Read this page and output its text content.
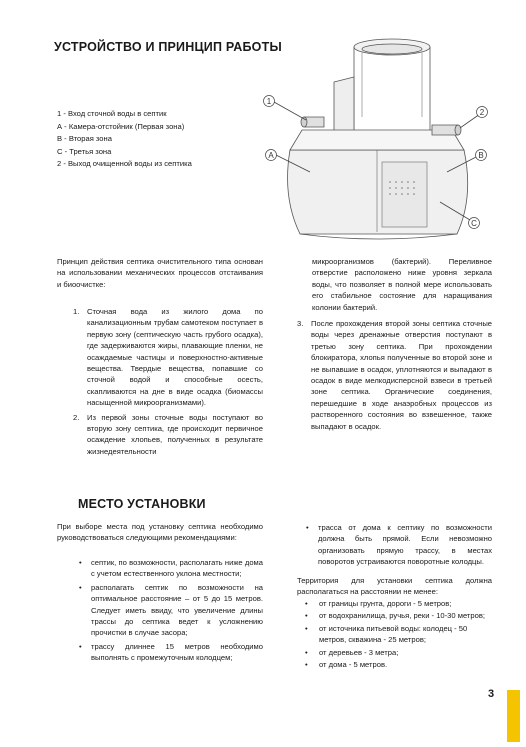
УСТРОЙСТВО И ПРИНЦИП РАБОТЫ
1 - Вход сточной воды в септик
А - Камера-отстойник (Первая зона)
В - Вторая зона
С - Третья зона
2 - Выход очищенной воды из септика
1
2
А	В
С
Принцип действия септика очистительного типа основан на использовании механических процессов отстаивания и биоочистке:
1. Сточная вода из жилого дома по канализационным трубам самотеком поступает в первую зону (септическую часть грубого осадка), где задерживаются жиры, плавающие пленки, не осаждаемые частицы и поверхностно-активные вещества. Твердые вещества, попавшие со сточной водой и способные осесть, скапливаются на дне в виде осадка (биомассы насыщенной микроорганизмами).
2. Из первой зоны сточные воды поступают во вторую зону септика, где происходит первичное осаждение хлопьев, полученных в результате жизнедеятельности
микроорганизмов (бактерий). Переливное отверстие расположено ниже уровня зеркала воды, что позволяет в полной мере использовать его стабильное состояние для наращивания колонии бактерий.
3. После прохождения второй зоны септика сточные воды через дренажные отверстия поступают в третью зону септика. При прохождении блокиратора, хлопья полученные во второй зоне и не выпавшие в осадок, уплотняются и выпадают в осадок в виде мелкодисперсной взвеси в третьей зоне септика. Органические соединения, перешедшие в ходе анаэробных процессов из растворенного состояния во взвешенное, также выпадают в осадок.
МЕСТО УСТАНОВКИ
При выборе места под установку септика необходимо руководствоваться следующими рекомендациями:
• септик, по возможности, располагать ниже дома с учетом естественного уклона местности;
• располагать септик по возможности на оптимальное расстояние – от 5 до 15 метров. Следует иметь ввиду, что увеличение длины трассы до септика ведет к усложнению прочистки в случае засора;
• трассу длиннее 15 метров необходимо выполнять с промежуточным колодцем;
• трасса от дома к септику по возможности должна быть прямой. Если невозможно организовать прямую трассу, в местах поворотов устраиваются поворотные колодцы.
Территория для установки септика должна располагаться на расстоянии не менее:
• от границы грунта, дороги - 5 метров;
• от водохранилища, ручья, реки - 10-30 метров;
• от источника питьевой воды: колодец - 50 метров, скважина - 25 метров;
• от деревьев - 3 метра;
• от дома - 5 метров.
3
